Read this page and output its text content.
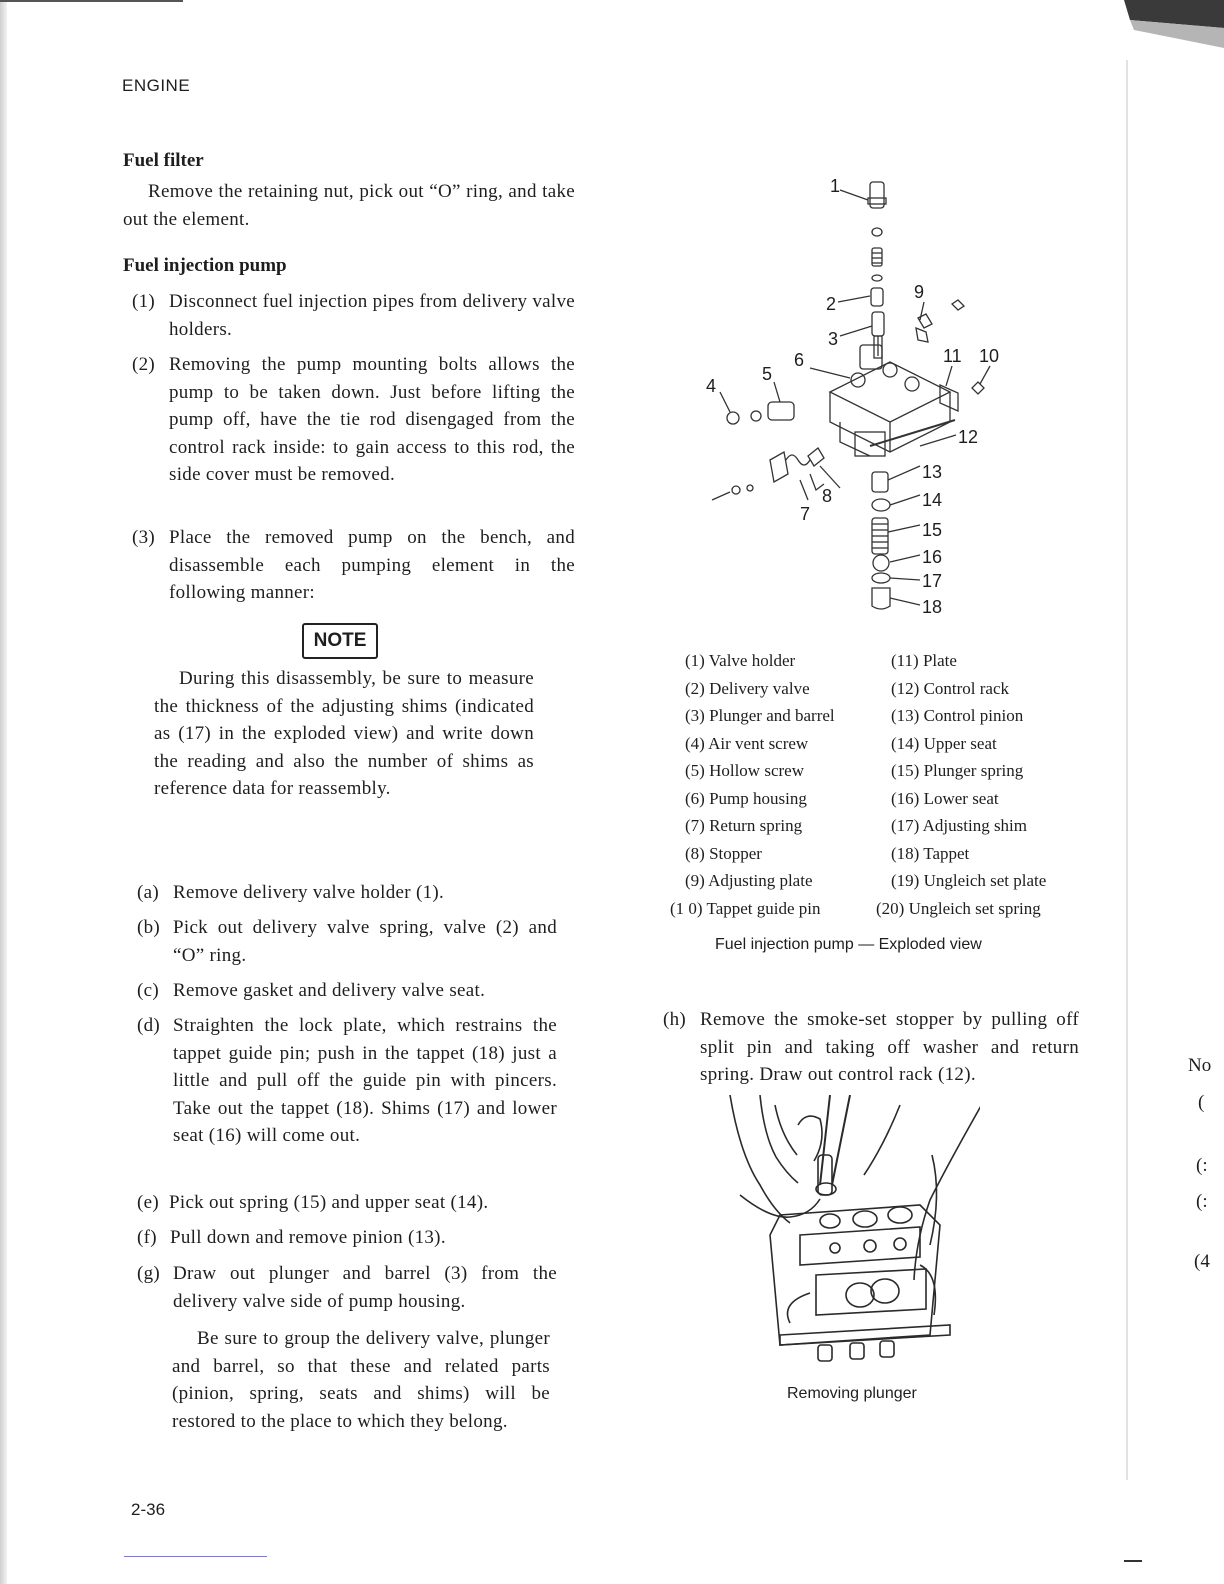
ENGINE
Fuel filter
Remove the retaining nut, pick out “O” ring, and take out the element.
Fuel injection pump
(1) Disconnect fuel injection pipes from delivery valve holders.
(2) Removing the pump mounting bolts allows the pump to be taken down. Just before lifting the pump off, have the tie rod disengaged from the control rack inside: to gain access to this rod, the side cover must be removed.
(3) Place the removed pump on the bench, and disassemble each pumping element in the following manner:
NOTE
During this disassembly, be sure to measure the thickness of the adjusting shims (indicated as (17) in the exploded view) and write down the reading and also the number of shims as reference data for reassembly.
(a) Remove delivery valve holder (1).
(b) Pick out delivery valve spring, valve (2) and “O” ring.
(c) Remove gasket and delivery valve seat.
(d) Straighten the lock plate, which restrains the tappet guide pin; push in the tappet (18) just a little and pull off the guide pin with pincers. Take out the tappet (18). Shims (17) and lower seat (16) will come out.
(e) Pick out spring (15) and upper seat (14).
(f) Pull down and remove pinion (13).
(g) Draw out plunger and barrel (3) from the delivery valve side of pump housing.
Be sure to group the delivery valve, plunger and barrel, so that these and related parts (pinion, spring, seats and shims) will be restored to the place to which they belong.
2-36
1
2
3
4
5
6
7
8
9
11 10
12
13
14
15
16
17
18
(1) Valve holder	(11) Plate
(2) Delivery valve	(12) Control rack
(3) Plunger and barrel	(13) Control pinion
(4) Air vent screw	(14) Upper seat
(5) Hollow screw	(15) Plunger spring
(6) Pump housing	(16) Lower seat
(7) Return spring	(17) Adjusting shim
(8) Stopper	(18) Tappet
(9) Adjusting plate	(19) Ungleich set plate
(1 0) Tappet guide pin	(20) Ungleich set spring
Fuel injection pump — Exploded view
(h) Remove the smoke-set stopper by pulling off split pin and taking off washer and return spring. Draw out control rack (12).
Removing plunger
No
(
(:
(:
(4
